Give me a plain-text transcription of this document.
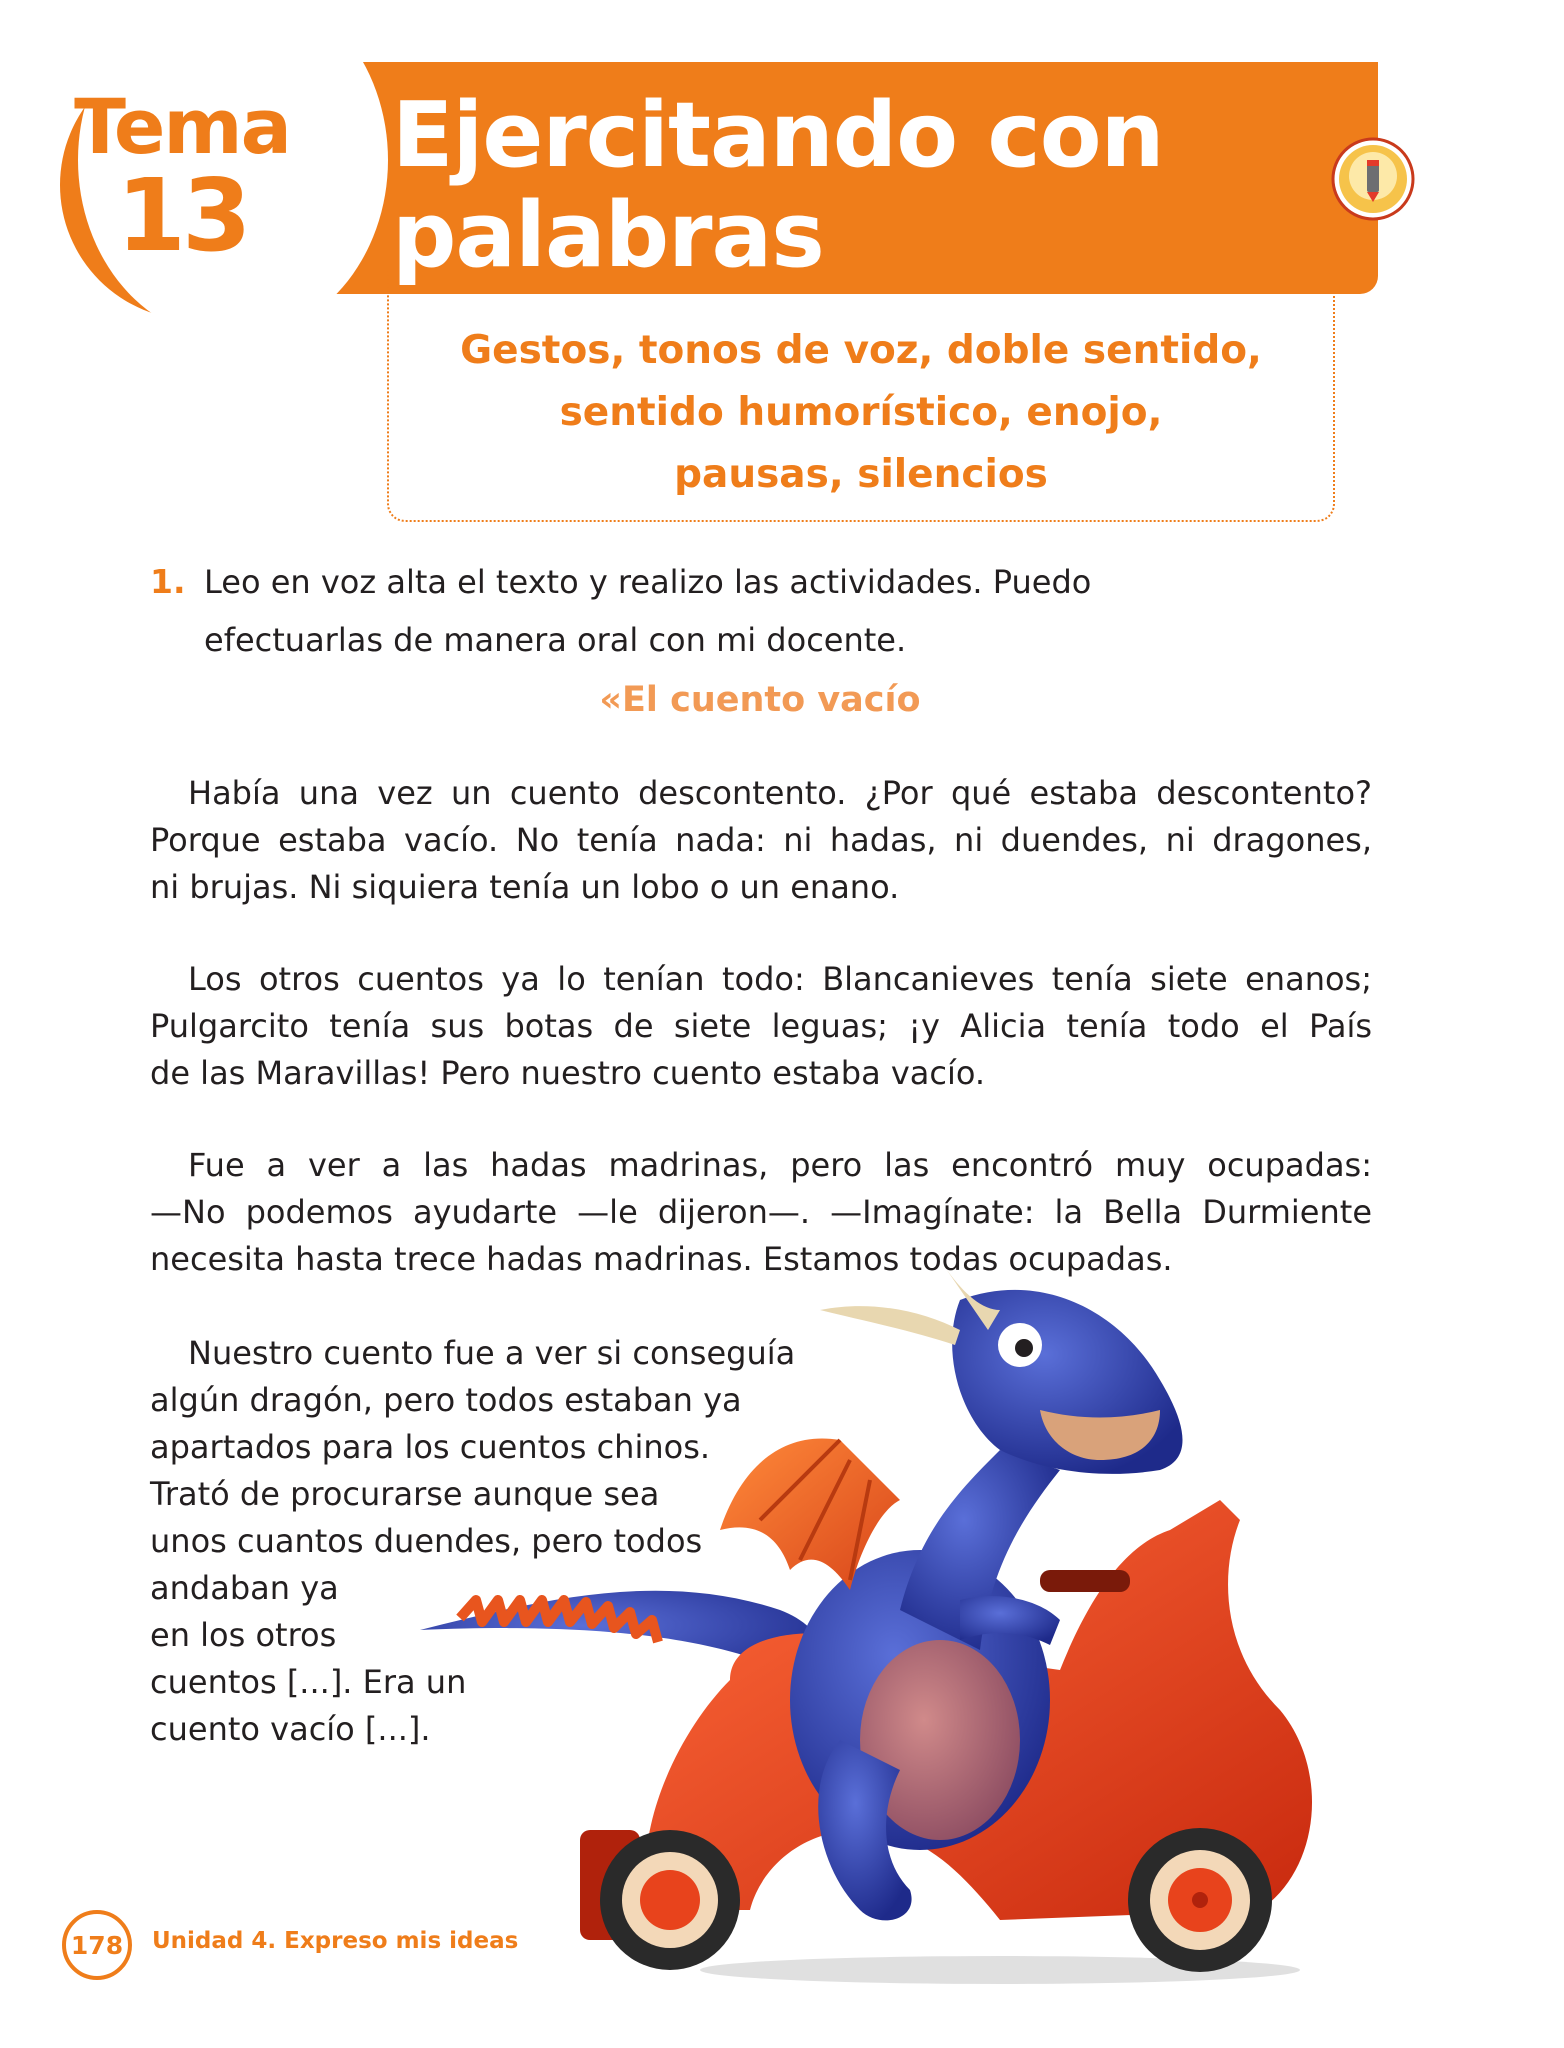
Tema
13
Ejercitando con
palabras
Gestos, tonos de voz, doble sentido,
sentido humorístico, enojo,
pausas, silencios
1. Leo en voz alta el texto y realizo las actividades. Puedo
efectuarlas de manera oral con mi docente.
«El cuento vacío
Había una vez un cuento descontento. ¿Por qué estaba descontento?
Porque estaba vacío. No tenía nada: ni hadas, ni duendes, ni dragones,
ni brujas. Ni siquiera tenía un lobo o un enano.
Los otros cuentos ya lo tenían todo: Blancanieves tenía siete enanos;
Pulgarcito tenía sus botas de siete leguas; ¡y Alicia tenía todo el País
de las Maravillas! Pero nuestro cuento estaba vacío.
Fue a ver a las hadas madrinas, pero las encontró muy ocupadas:
—No podemos ayudarte —le dijeron—. —Imagínate: la Bella Durmiente
necesita hasta trece hadas madrinas. Estamos todas ocupadas.
Nuestro cuento fue a ver si conseguía
algún dragón, pero todos estaban ya
apartados para los cuentos chinos.
Trató de procurarse aunque sea
unos cuantos duendes, pero todos
andaban ya
en los otros
cuentos [...]. Era un
cuento vacío [...].
178	Unidad 4. Expreso mis ideas
